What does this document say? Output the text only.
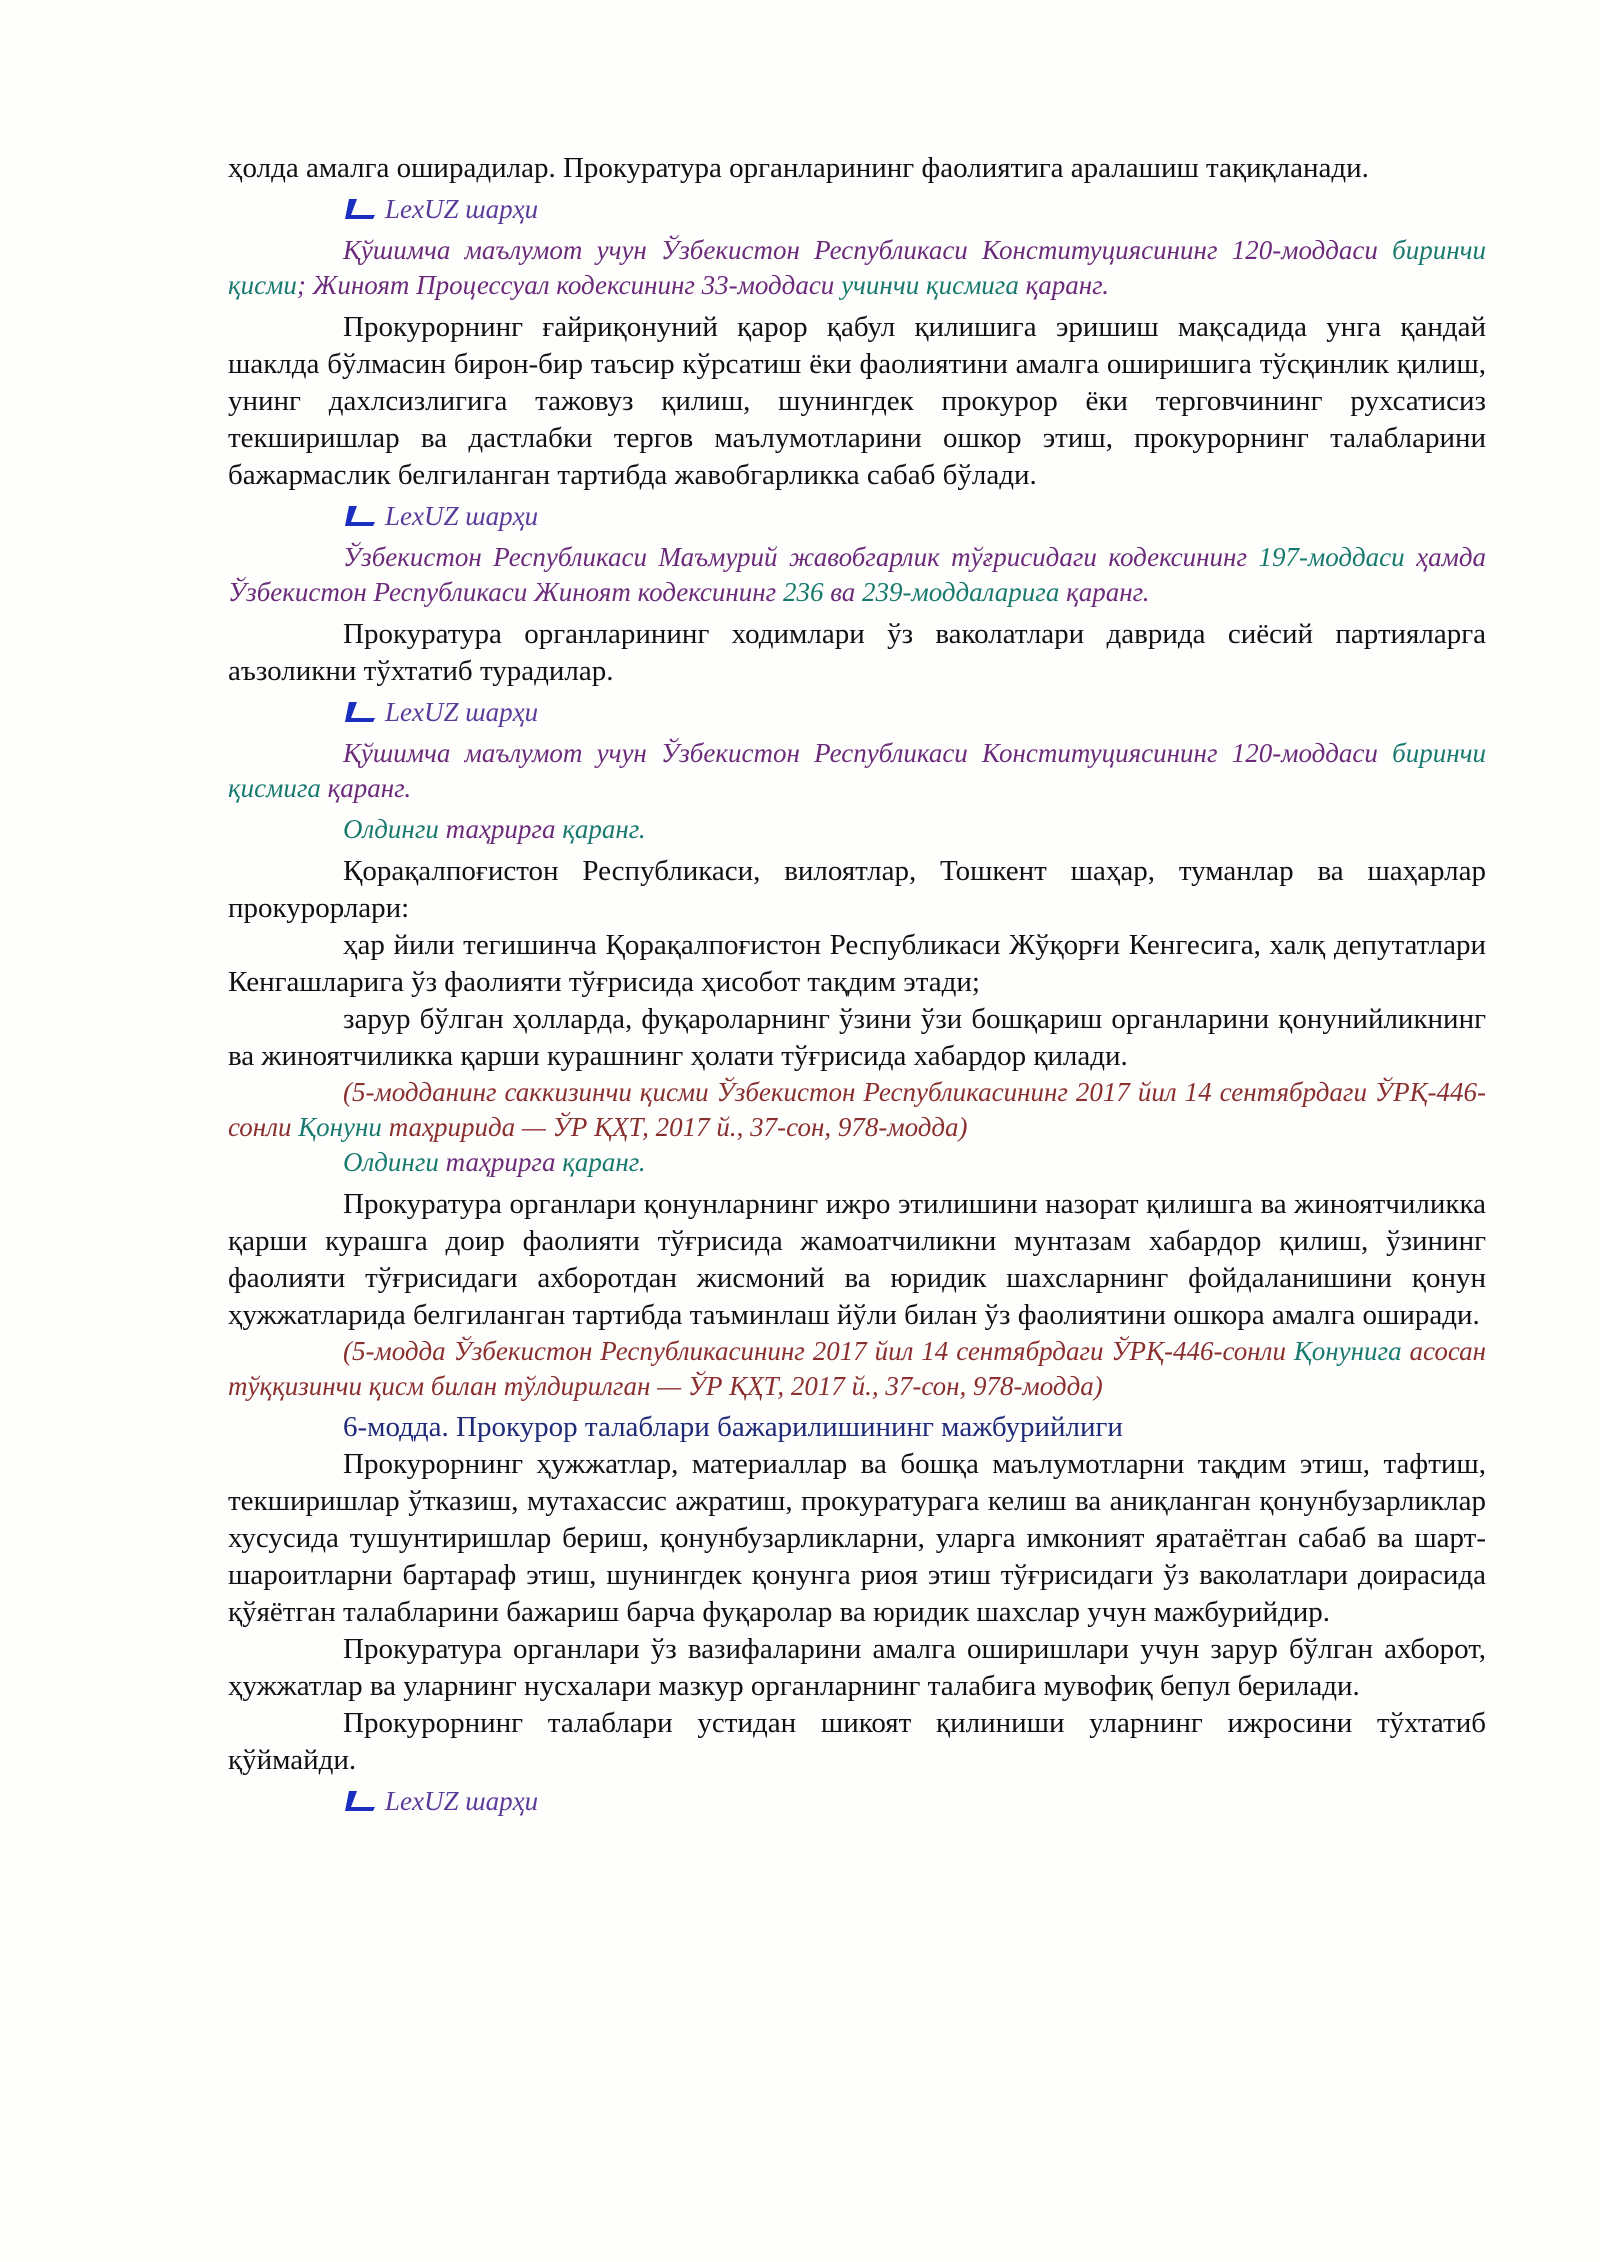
ҳолда амалга оширадилар. Прокуратура органларининг фаолиятига аралашиш тақиқланади.

LexUZ шарҳи

Қўшимча маълумот учун Ўзбекистон Республикаси Конституциясининг 120-моддаси биринчи қисми; Жиноят Процессуал кодексининг 33-моддаси учинчи қисмига қаранг.

Прокурорнинг ғайриқонуний қарор қабул қилишига эришиш мақсадида унга қандай шаклда бўлмасин бирон-бир таъсир кўрсатиш ёки фаолиятини амалга оширишига тўсқинлик қилиш, унинг дахлсизлигига тажовуз қилиш, шунингдек прокурор ёки терговчининг рухсатисиз текширишлар ва дастлабки тергов маълумотларини ошкор этиш, прокурорнинг талабларини бажармаслик белгиланган тартибда жавобгарликка сабаб бўлади.

LexUZ шарҳи

Ўзбекистон Республикаси Маъмурий жавобгарлик тўғрисидаги кодексининг 197-моддаси ҳамда Ўзбекистон Республикаси Жиноят кодексининг 236 ва 239-моддаларига қаранг.

Прокуратура органларининг ходимлари ўз ваколатлари даврида сиёсий партияларга аъзоликни тўхтатиб турадилар.

LexUZ шарҳи

Қўшимча маълумот учун Ўзбекистон Республикаси Конституциясининг 120-моддаси биринчи қисмига қаранг.

Олдинги таҳрирга қаранг.

Қорақалпоғистон Республикаси, вилоятлар, Тошкент шаҳар, туманлар ва шаҳарлар прокурорлари:

ҳар йили тегишинча Қорақалпоғистон Республикаси Жўқорғи Кенгесига, халқ депутатлари Кенгашларига ўз фаолияти тўғрисида ҳисобот тақдим этади;

зарур бўлган ҳолларда, фуқароларнинг ўзини ўзи бошқариш органларини қонунийликнинг ва жиноятчиликка қарши курашнинг ҳолати тўғрисида хабардор қилади.

(5-модданинг саккизинчи қисми Ўзбекистон Республикасининг 2017 йил 14 сентябрдаги ЎРҚ-446-сонли Қонуни таҳририда — ЎР ҚҲТ, 2017 й., 37-сон, 978-модда)

Олдинги таҳрирга қаранг.

Прокуратура органлари қонунларнинг ижро этилишини назорат қилишга ва жиноятчиликка қарши курашга доир фаолияти тўғрисида жамоатчиликни мунтазам хабардор қилиш, ўзининг фаолияти тўғрисидаги ахборотдан жисмоний ва юридик шахсларнинг фойдаланишини қонун ҳужжатларида белгиланган тартибда таъминлаш йўли билан ўз фаолиятини ошкора амалга оширади.

(5-модда Ўзбекистон Республикасининг 2017 йил 14 сентябрдаги ЎРҚ-446-сонли Қонунига асосан тўққизинчи қисм билан тўлдирилган — ЎР ҚҲТ, 2017 й., 37-сон, 978-модда)

6-модда. Прокурор талаблари бажарилишининг мажбурийлиги

Прокурорнинг ҳужжатлар, материаллар ва бошқа маълумотларни тақдим этиш, тафтиш, текширишлар ўтказиш, мутахассис ажратиш, прокуратурага келиш ва аниқланган қонунбузарликлар хусусида тушунтиришлар бериш, қонунбузарликларни, уларга имконият яратаётган сабаб ва шарт-шароитларни бартараф этиш, шунингдек қонунга риоя этиш тўғрисидаги ўз ваколатлари доирасида қўяётган талабларини бажариш барча фуқаролар ва юридик шахслар учун мажбурийдир.

Прокуратура органлари ўз вазифаларини амалга оширишлари учун зарур бўлган ахборот, ҳужжатлар ва уларнинг нусхалари мазкур органларнинг талабига мувофиқ бепул берилади.

Прокурорнинг талаблари устидан шикоят қилиниши уларнинг ижросини тўхтатиб қўймайди.

LexUZ шарҳи
